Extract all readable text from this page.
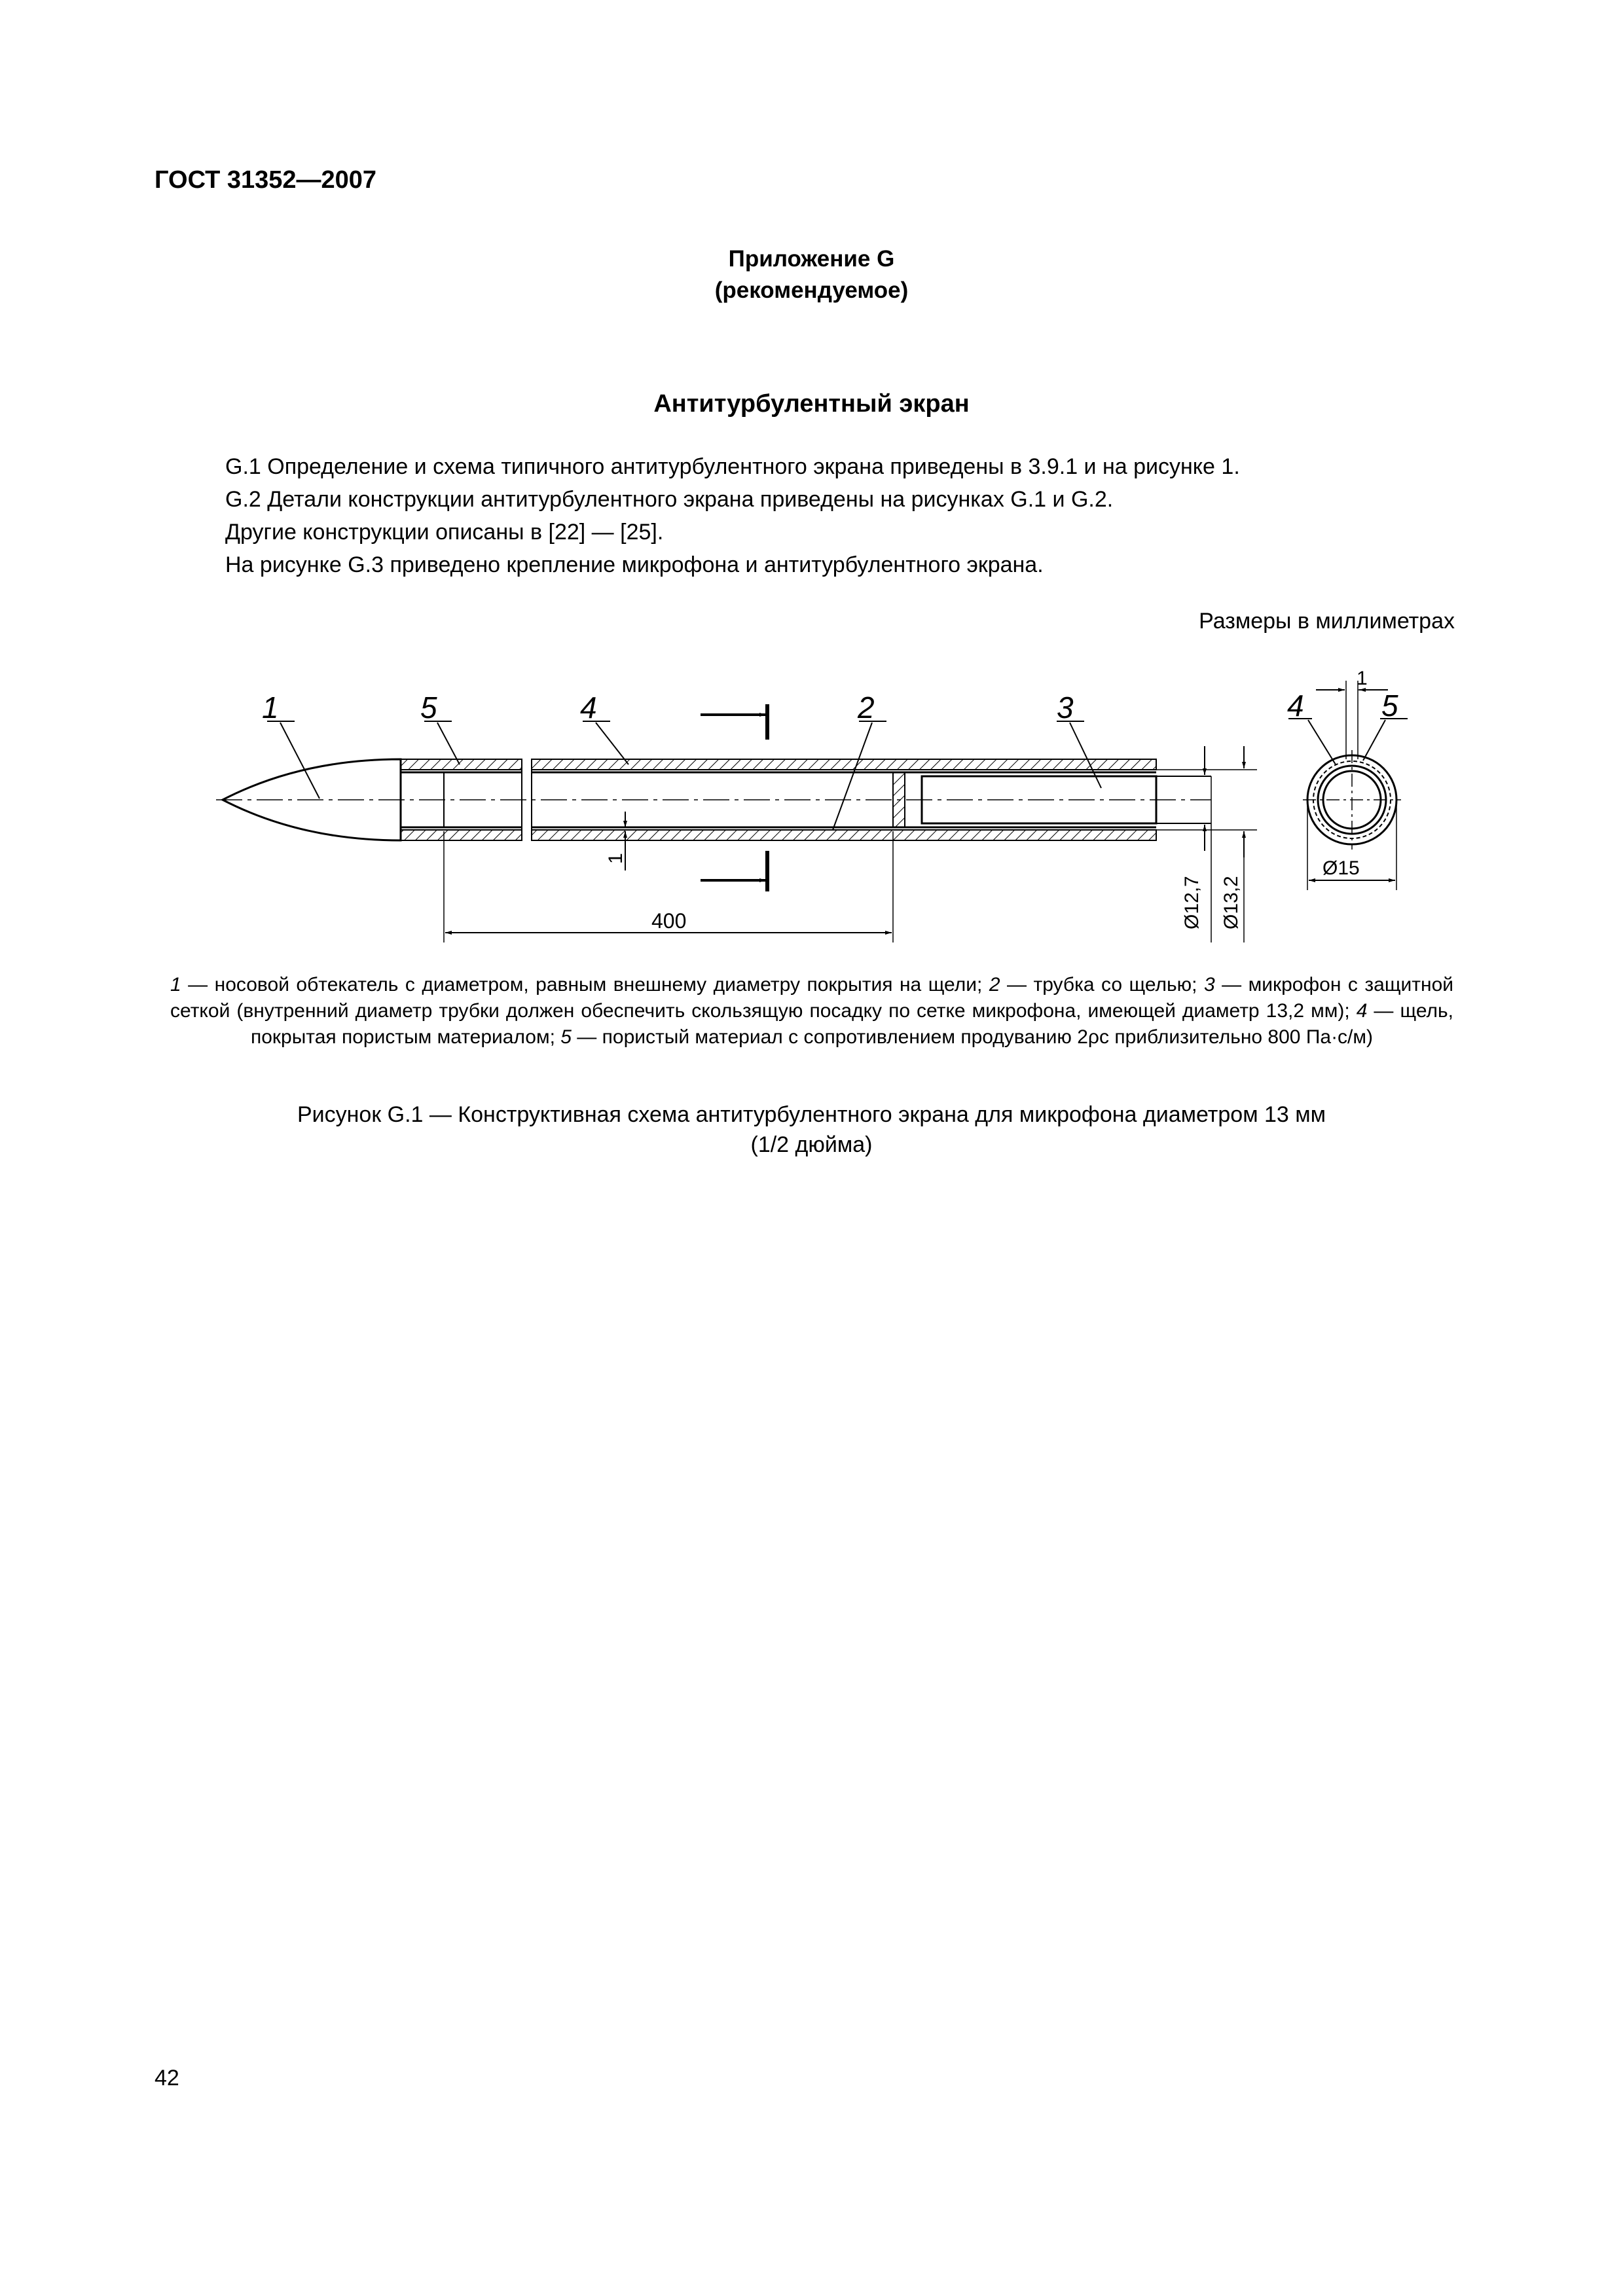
ГОСТ 31352—2007
Приложение G
(рекомендуемое)
Антитурбулентный экран
G.1 Определение и схема типичного антитурбулентного экрана приведены в 3.9.1 и на рисунке 1.
G.2 Детали конструкции антитурбулентного экрана приведены на рисунках G.1 и G.2.
Другие конструкции описаны в [22] — [25].
На рисунке G.3 приведено крепление микрофона и антитурбулентного экрана.
Размеры в миллиметрах
1	5	4	2	3
1
400	Ø12,7 Ø13,2
1
4	5
Ø15
1 — носовой обтекатель с диаметром, равным внешнему диаметру покрытия на щели; 2 — трубка со щелью; 3 — микрофон с защитной сеткой (внутренний диаметр трубки должен обеспечить скользящую посадку по сетке микрофона, имеющей диаметр 13,2 мм); 4 — щель, покрытая пористым материалом; 5 — пористый материал с сопротивлением продуванию 2ρc приблизительно 800 Па·с/м)
Рисунок G.1 — Конструктивная схема антитурбулентного экрана для микрофона диаметром 13 мм
(1/2 дюйма)
42
